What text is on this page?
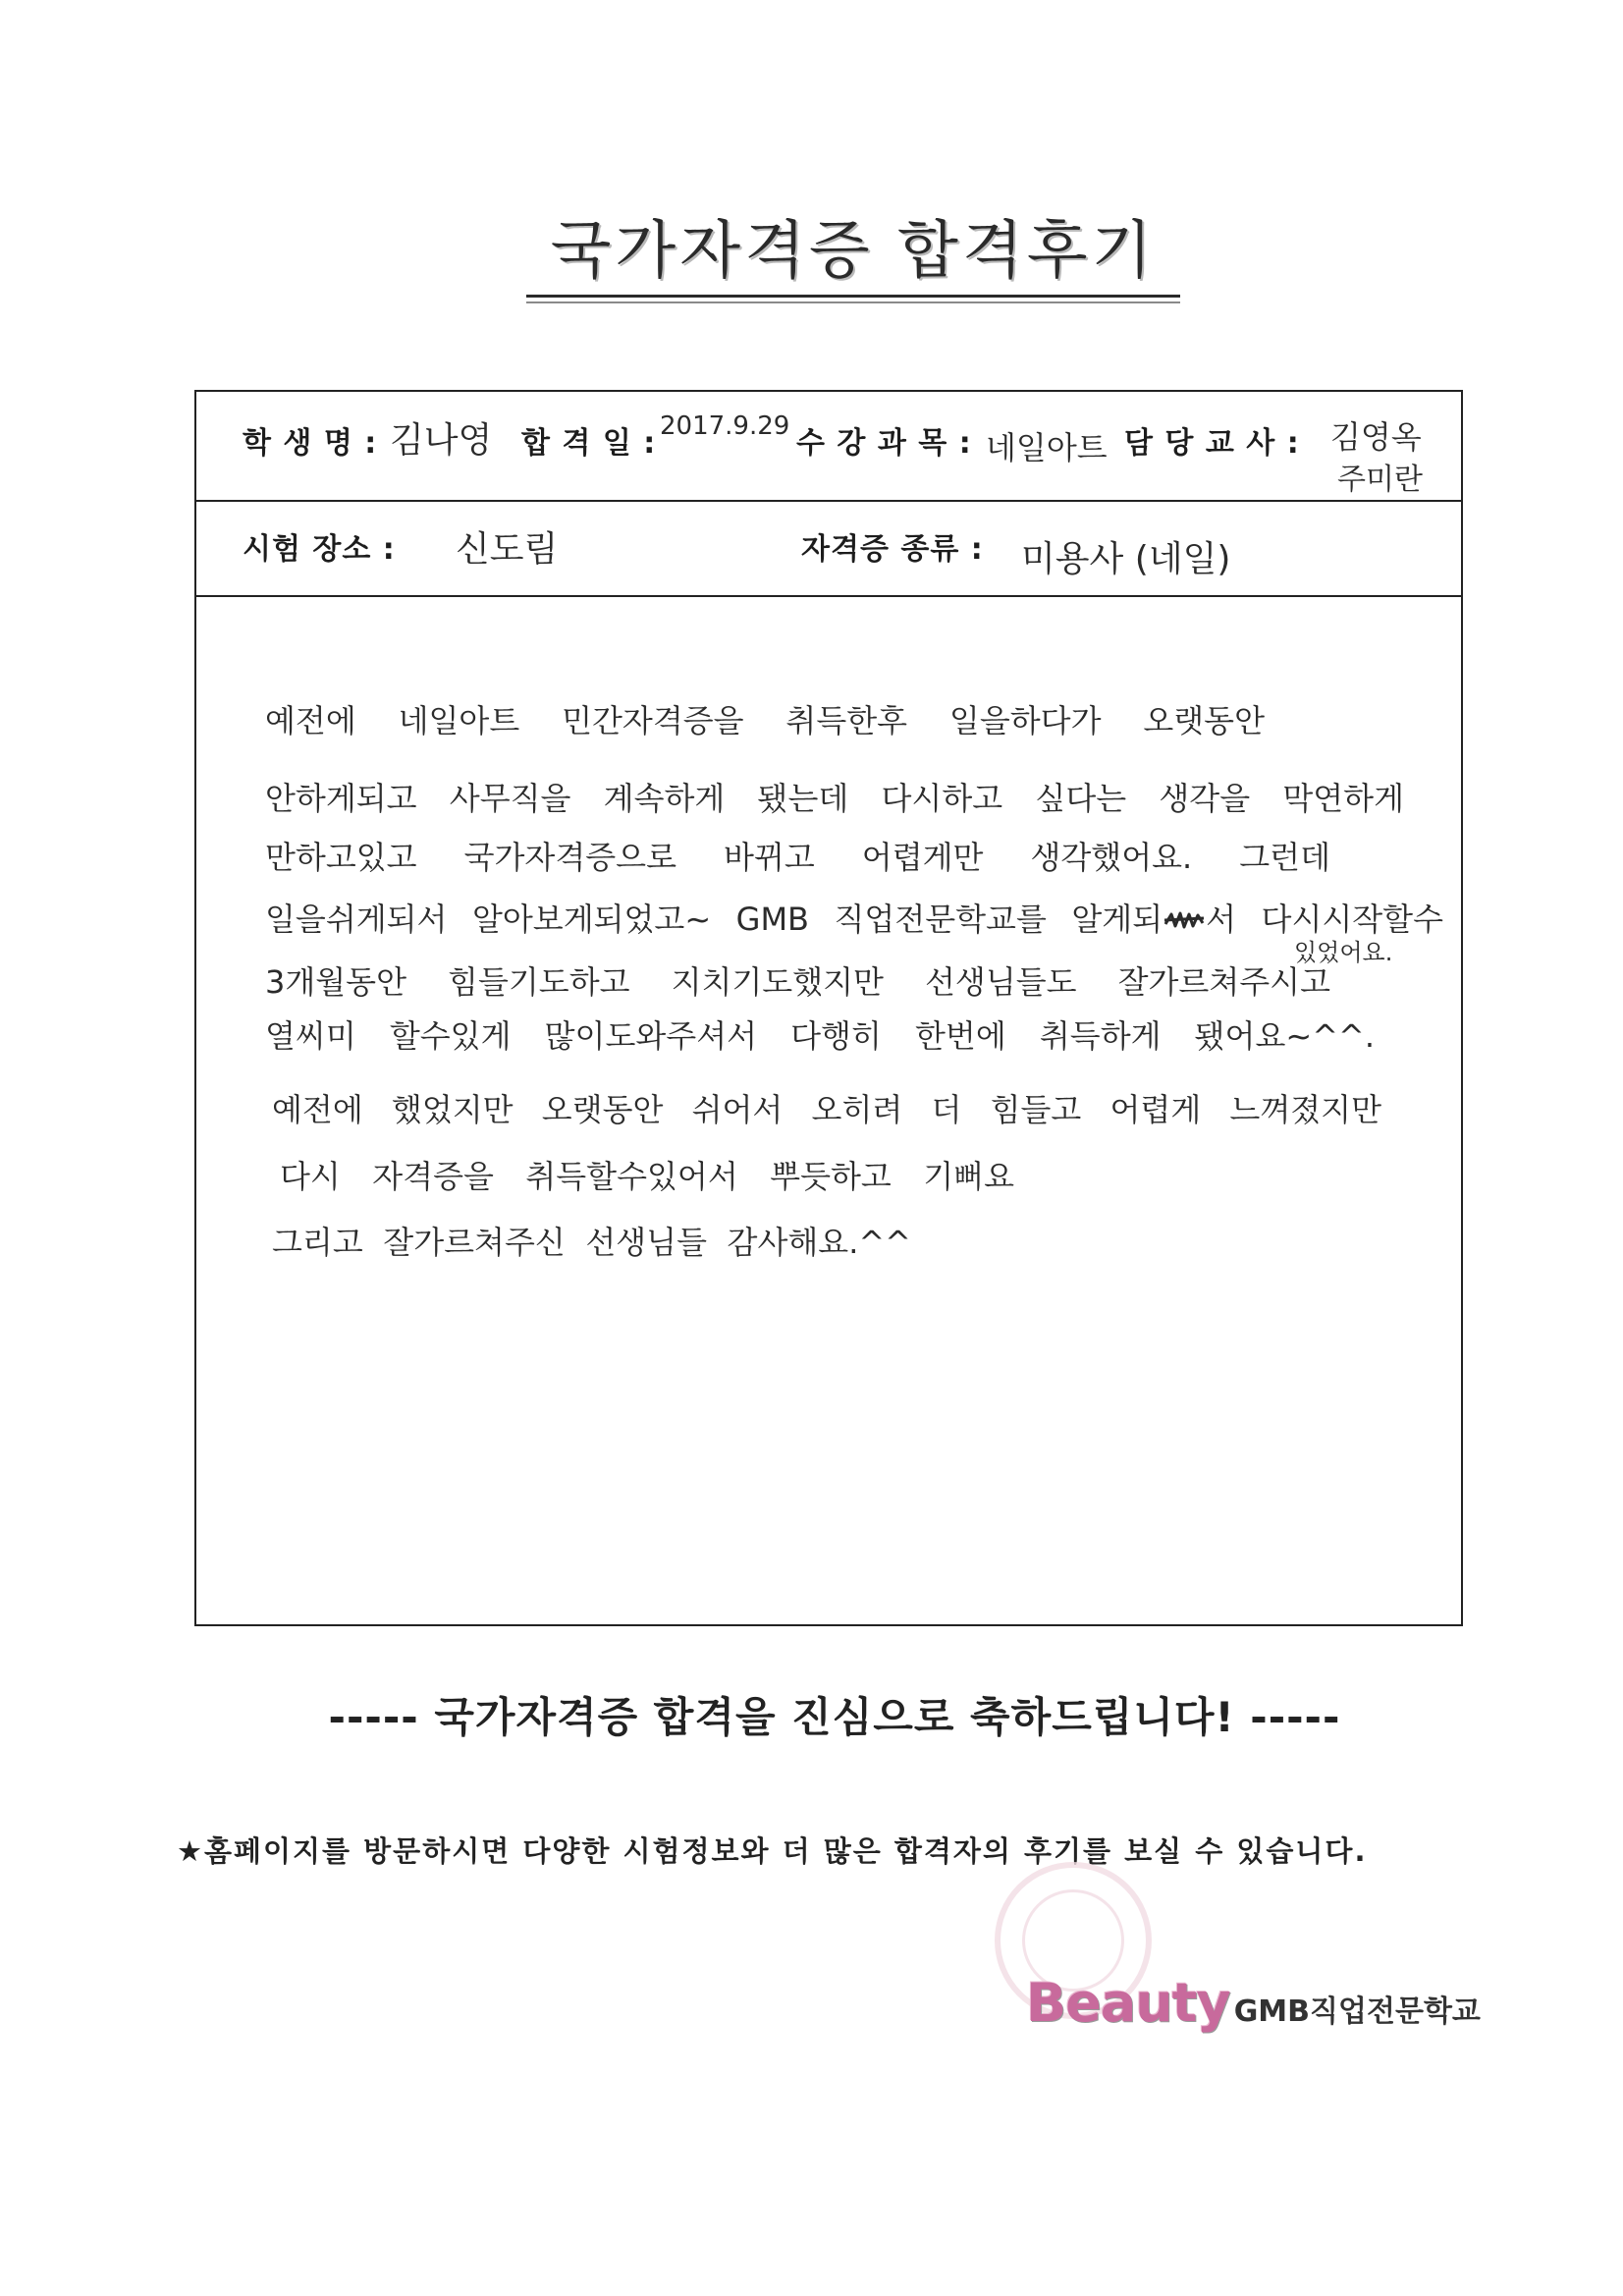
국가자격증 합격후기
학 생 명 : 김나영 합 격 일 : 2017.9.29 수 강 과 목 : 네일아트 담 당 교 사 : 김영옥
주미란
시험 장소 : 신도림	자격증 종류 : 미용사 (네일)
예전에 네일아트 민간자격증을 취득한후 일을하다가 오랫동안
안하게되고 사무직을 계속하게 됐는데 다시하고 싶다는 생각을 막연하게
만하고있고 국가자격증으로 바뀌고 어렵게만 생각했어요. 그런데
일을쉬게되서 알아보게되었고~ GMB 직업전문학교를 알게되 서 다시시작할수
있었어요.
3개월동안 힘들기도하고 지치기도했지만 선생님들도 잘가르쳐주시고
열씨미 할수있게 많이도와주셔서 다행히 한번에 취득하게 됐어요~^^.
예전에 했었지만 오랫동안 쉬어서 오히려 더 힘들고 어렵게 느껴졌지만
다시 자격증을 취득할수있어서 뿌듯하고 기뻐요
그리고 잘가르쳐주신 선생님들 감사해요.^^
----- 국가자격증 합격을 진심으로 축하드립니다! -----
★홈페이지를 방문하시면 다양한 시험정보와 더 많은 합격자의 후기를 보실 수 있습니다.
Beauty GMB직업전문학교
